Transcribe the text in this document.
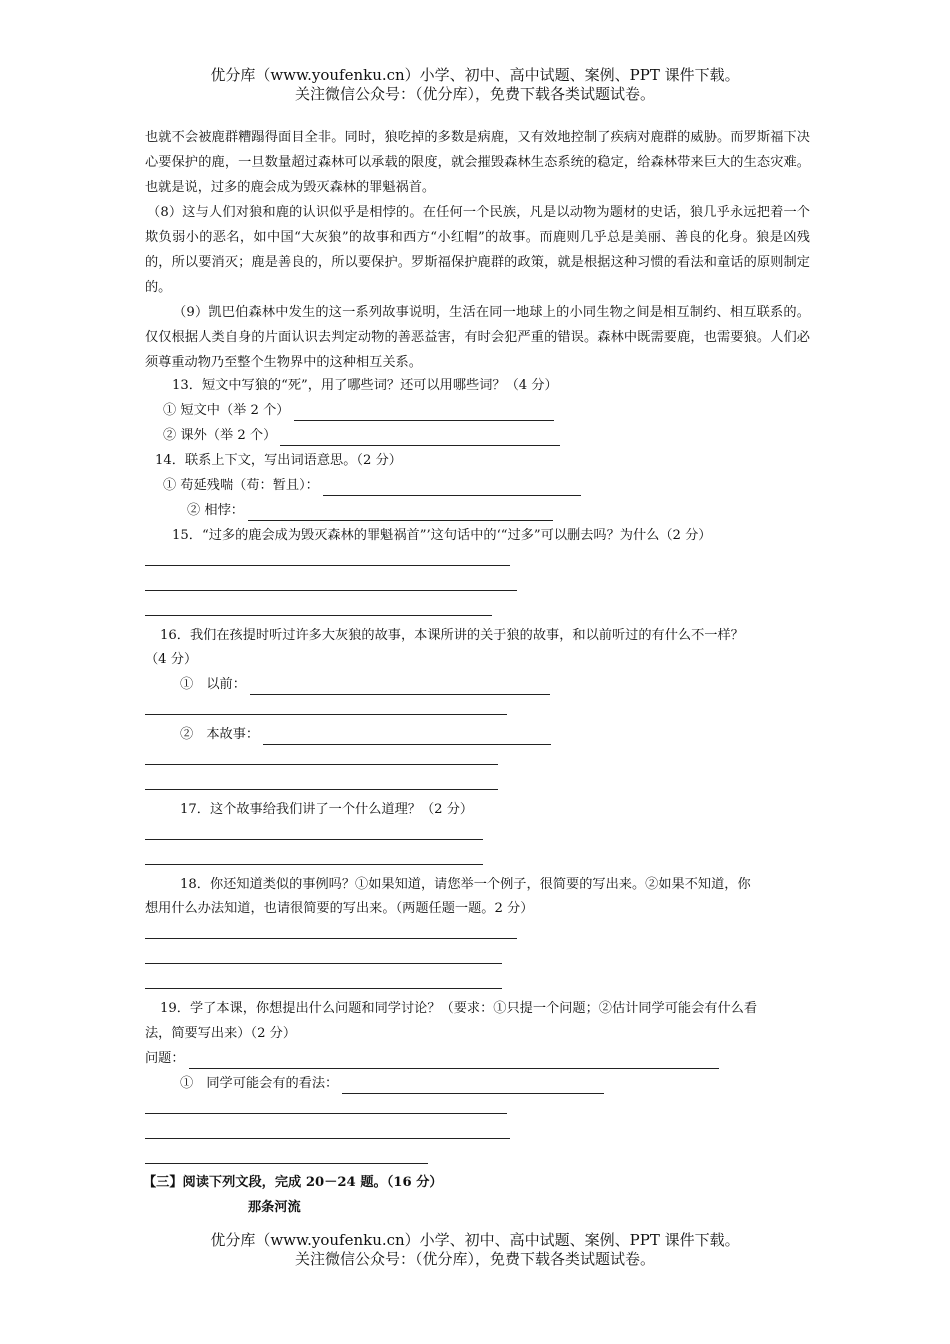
优分库（www.youfenku.cn）小学、初中、高中试题、案例、PPT 课件下载。
关注微信公众号：（优分库），免费下载各类试题试卷。
也就不会被鹿群糟蹋得面目全非。同时，狼吃掉的多数是病鹿，又有效地控制了疾病对鹿群的威胁。而罗斯福下决心要保护的鹿，一旦数量超过森林可以承载的限度，就会摧毁森林生态系统的稳定，给森林带来巨大的生态灾难。也就是说，过多的鹿会成为毁灭森林的罪魁祸首。
（8）这与人们对狼和鹿的认识似乎是相悖的。在任何一个民族，凡是以动物为题材的史话，狼几乎永远把着一个欺负弱小的恶名，如中国“大灰狼”的故事和西方“小红帽”的故事。而鹿则几乎总是美丽、善良的化身。狼是凶残的，所以要消灭；鹿是善良的，所以要保护。罗斯福保护鹿群的政策，就是根据这种习惯的看法和童话的原则制定的。
（9）凯巴伯森林中发生的这一系列故事说明，生活在同一地球上的小同生物之间是相互制约、相互联系的。仅仅根据人类自身的片面认识去判定动物的善恶益害，有时会犯严重的错误。森林中既需要鹿，也需要狼。人们必须尊重动物乃至整个生物界中的这种相互关系。
13．短文中写狼的“死”，用了哪些词？还可以用哪些词？（4 分）
① 短文中（举 2 个）
② 课外（举 2 个）
14．联系上下文，写出词语意思。（2 分）
① 苟延残喘（苟：暂且）：
② 相悖：
15．“过多的鹿会成为毁灭森林的罪魁祸首”’这句话中的‘“过多”可以删去吗？为什么（2 分）
16．我们在孩提时听过许多大灰狼的故事，本课所讲的关于狼的故事，和以前听过的有什么不一样？
（4 分）
①　以前：
②　本故事：
17．这个故事给我们讲了一个什么道理？（2 分）
18．你还知道类似的事例吗？①如果知道，请您举一个例子，很简要的写出来。②如果不知道，你
想用什么办法知道，也请很简要的写出来。（两题任题一题。2 分）
19．学了本课，你想提出什么问题和同学讨论？（要求：①只提一个问题；②估计同学可能会有什么看
法，简要写出来）（2 分）
问题：
①　同学可能会有的看法：
【三】阅读下列文段，完成 20－24 题。（16 分）
那条河流
优分库（www.youfenku.cn）小学、初中、高中试题、案例、PPT 课件下载。
关注微信公众号：（优分库），免费下载各类试题试卷。
